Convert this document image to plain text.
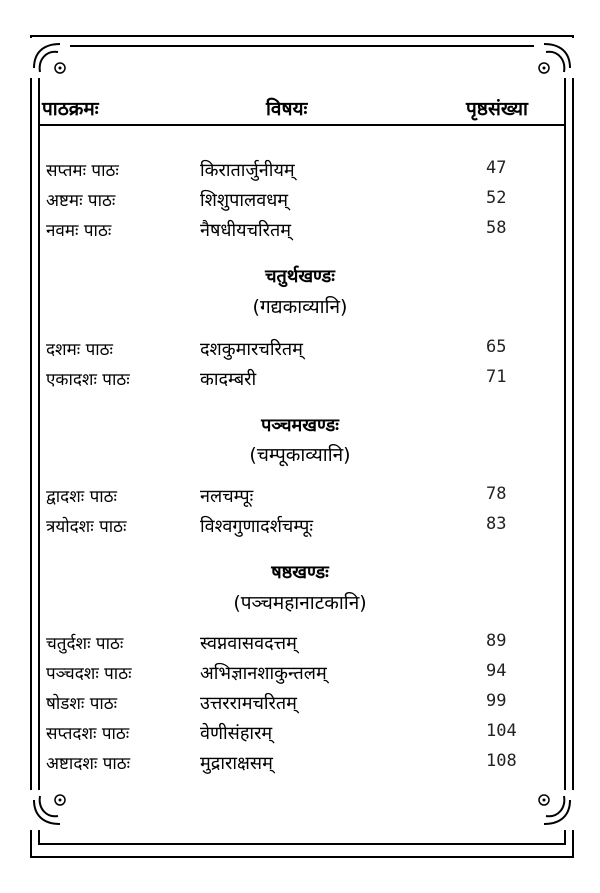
पाठक्रमः	विषयः	पृष्ठसंख्या
सप्तमः पाठः	किरातार्जुनीयम्	47
अष्टमः पाठः	शिशुपालवधम्	52
नवमः पाठः	नैषधीयचरितम्	58
चतुर्थखण्डः
(गद्यकाव्यानि)
दशमः पाठः	दशकुमारचरितम्	65
एकादशः पाठः	कादम्बरी	71
पञ्चमखण्डः
(चम्पूकाव्यानि)
द्वादशः पाठः	नलचम्पूः	78
त्रयोदशः पाठः	विश्वगुणादर्शचम्पूः	83
षष्ठखण्डः
(पञ्चमहानाटकानि)
चतुर्दशः पाठः	स्वप्नवासवदत्तम्	89
पञ्चदशः पाठः	अभिज्ञानशाकुन्तलम्	94
षोडशः पाठः	उत्तररामचरितम्	99
सप्तदशः पाठः	वेणीसंहारम्	104
अष्टादशः पाठः	मुद्राराक्षसम्	108
